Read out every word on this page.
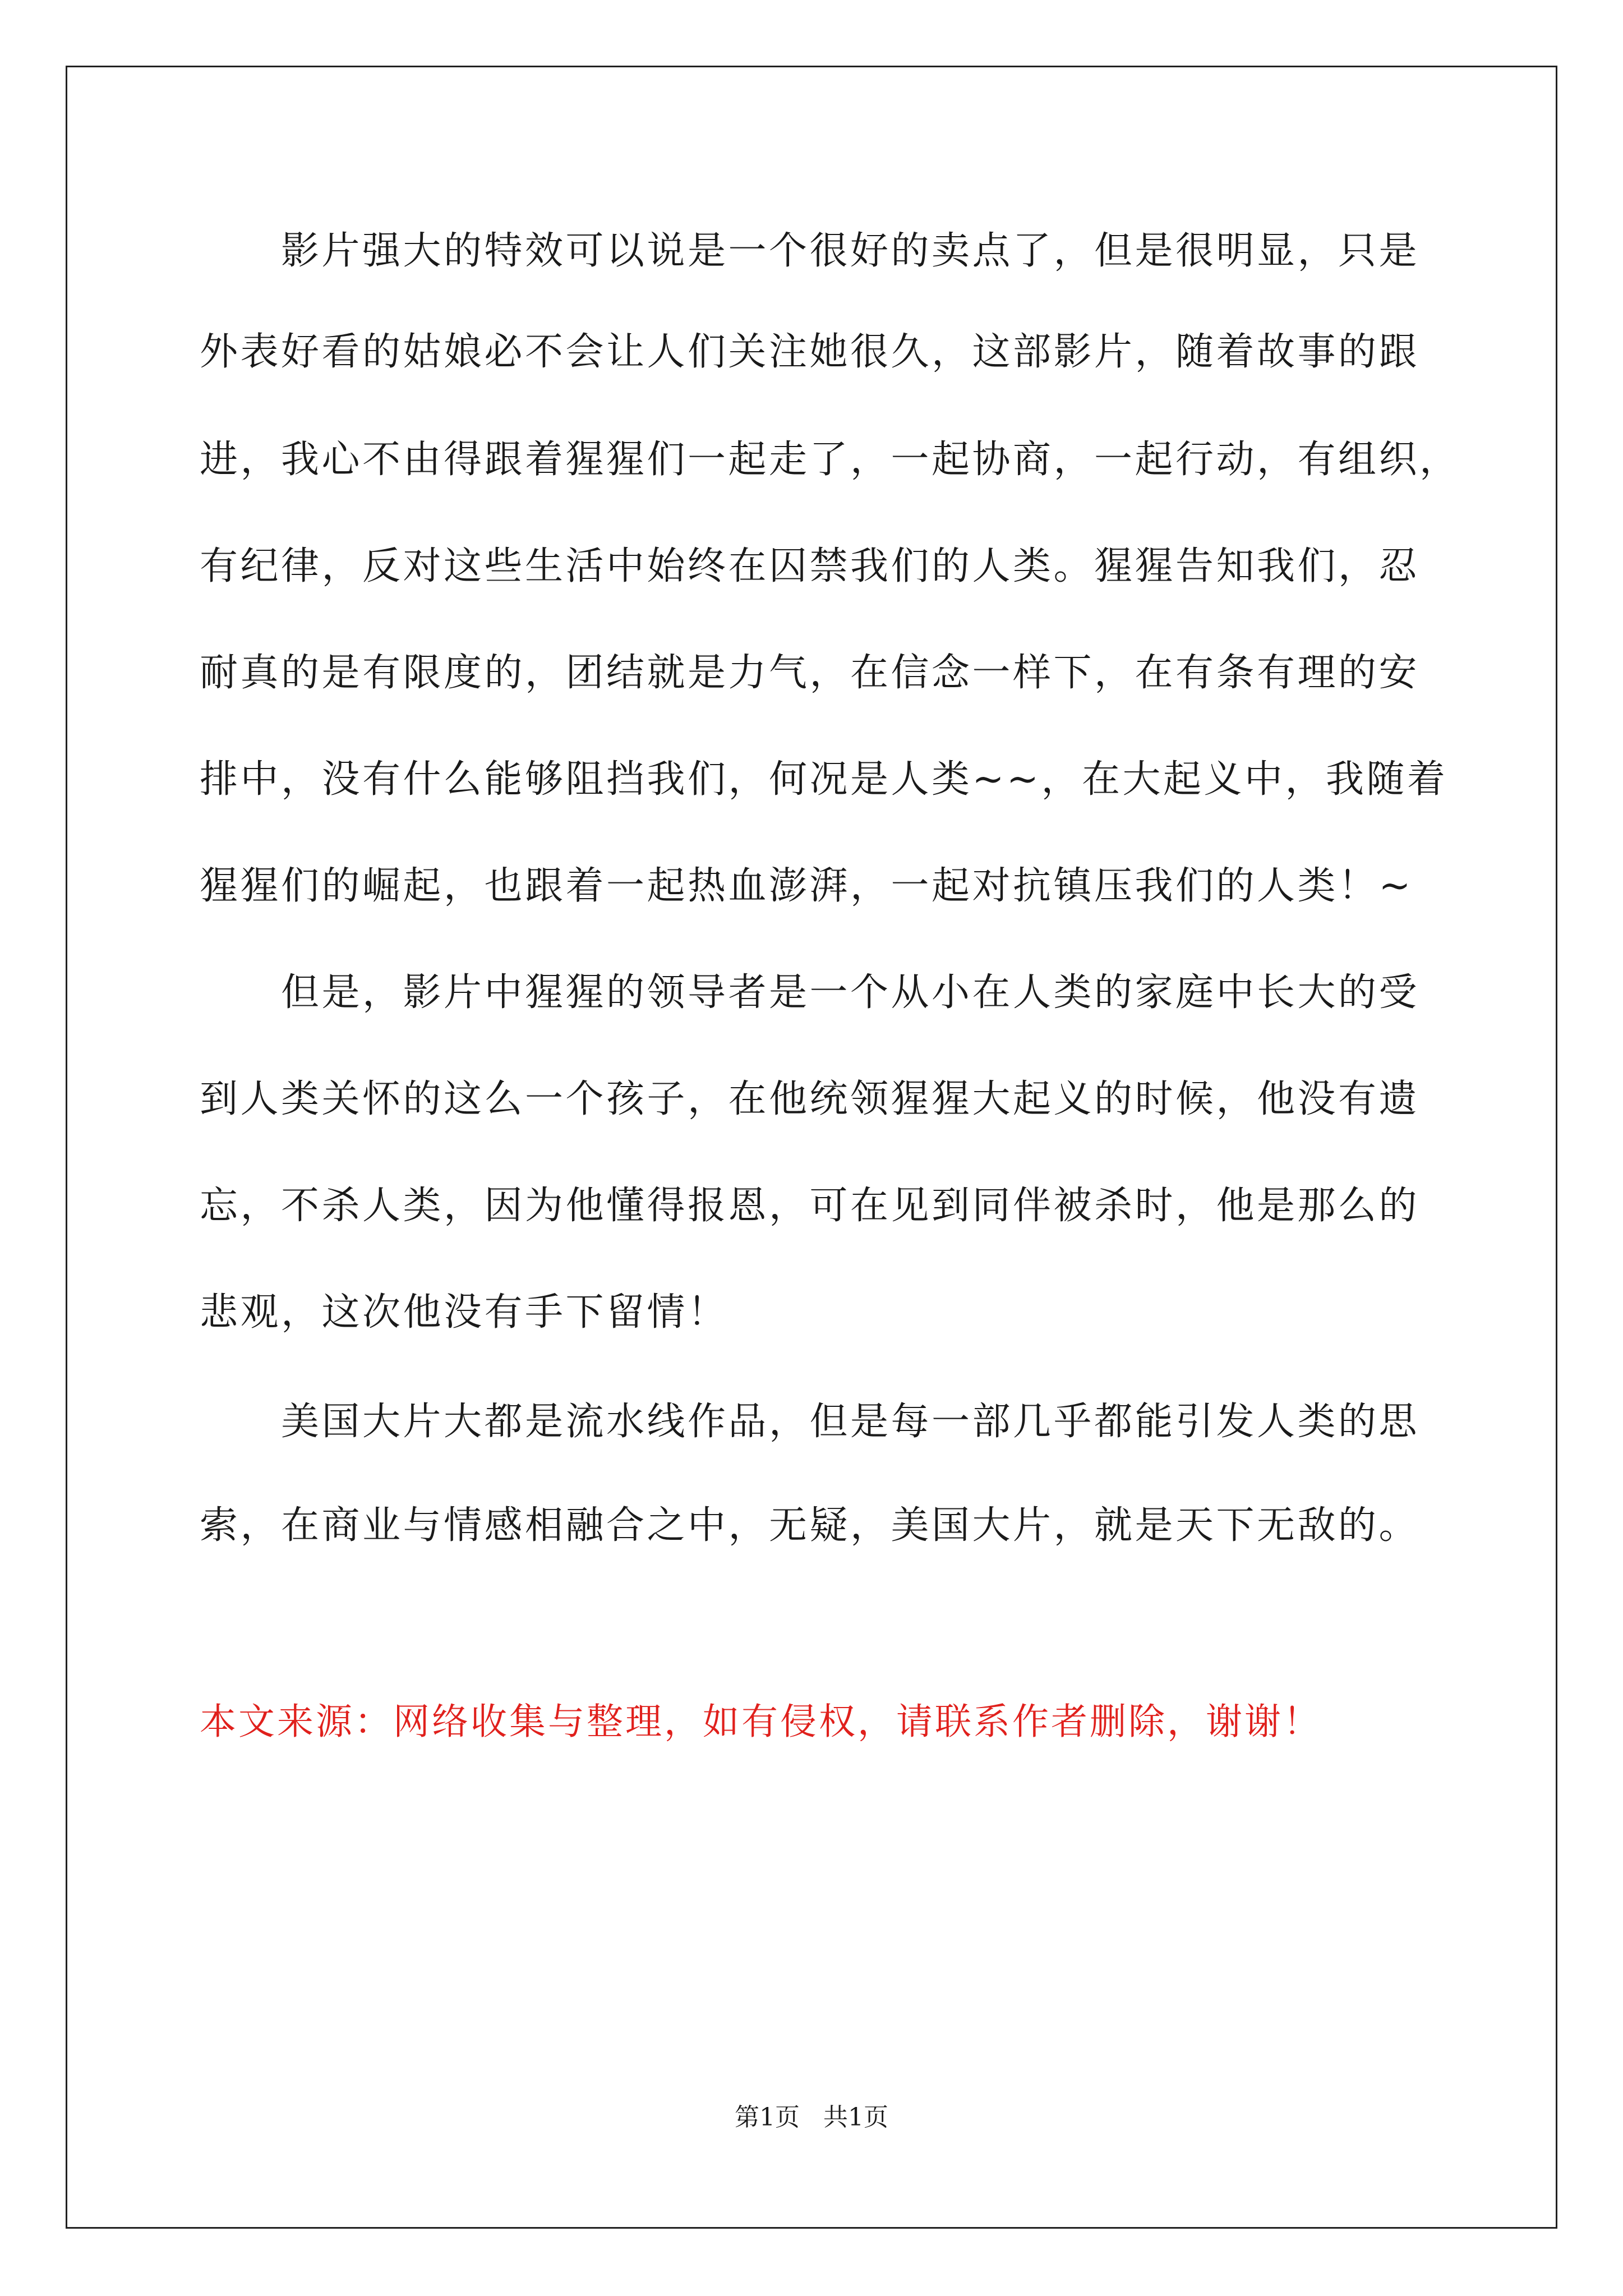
影片强大的特效可以说是一个很好的卖点了，但是很明显，只是
外表好看的姑娘必不会让人们关注她很久，这部影片，随着故事的跟
进，我心不由得跟着猩猩们一起走了，一起协商，一起行动，有组织，
有纪律，反对这些生活中始终在囚禁我们的人类。猩猩告知我们，忍
耐真的是有限度的，团结就是力气，在信念一样下，在有条有理的安
排中，没有什么能够阻挡我们，何况是人类~~，在大起义中，我随着
猩猩们的崛起，也跟着一起热血澎湃，一起对抗镇压我们的人类！~
但是，影片中猩猩的领导者是一个从小在人类的家庭中长大的受
到人类关怀的这么一个孩子，在他统领猩猩大起义的时候，他没有遗
忘，不杀人类，因为他懂得报恩，可在见到同伴被杀时，他是那么的
悲观，这次他没有手下留情！
美国大片大都是流水线作品，但是每一部几乎都能引发人类的思
索，在商业与情感相融合之中，无疑，美国大片，就是天下无敌的。
本文来源：网络收集与整理，如有侵权，请联系作者删除，谢谢！
第1页 共1页
